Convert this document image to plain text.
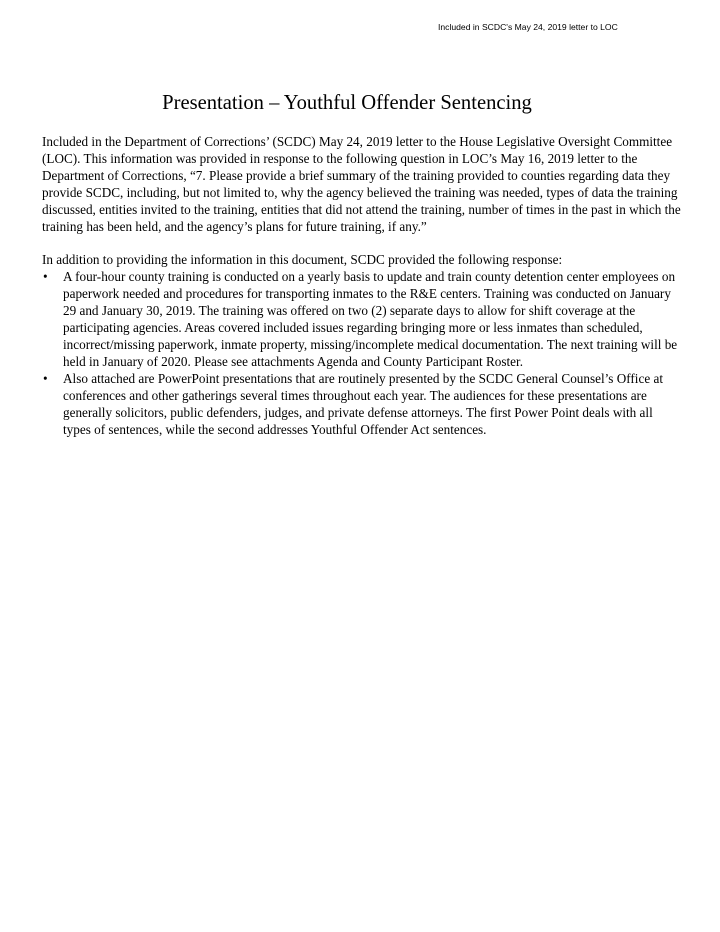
Included in SCDC's May 24, 2019 letter to LOC
Presentation – Youthful Offender Sentencing

Included in the Department of Corrections’ (SCDC) May 24, 2019 letter to the House Legislative Oversight Committee (LOC). This information was provided in response to the following question in LOC’s May 16, 2019 letter to the Department of Corrections, “7. Please provide a brief summary of the training provided to counties regarding data they provide SCDC, including, but not limited to, why the agency believed the training was needed, types of data the training discussed, entities invited to the training, entities that did not attend the training, number of times in the past in which the training has been held, and the agency’s plans for future training, if any.”

In addition to providing the information in this document, SCDC provided the following response:

•	A four-hour county training is conducted on a yearly basis to update and train county detention center employees on paperwork needed and procedures for transporting inmates to the R&E centers. Training was conducted on January 29 and January 30, 2019. The training was offered on two (2) separate days to allow for shift coverage at the participating agencies. Areas covered included issues regarding bringing more or less inmates than scheduled, incorrect/missing paperwork, inmate property, missing/incomplete medical documentation. The next training will be held in January of 2020. Please see attachments Agenda and County Participant Roster.
•	Also attached are PowerPoint presentations that are routinely presented by the SCDC General Counsel’s Office at conferences and other gatherings several times throughout each year. The audiences for these presentations are generally solicitors, public defenders, judges, and private defense attorneys. The first Power Point deals with all types of sentences, while the second addresses Youthful Offender Act sentences.
